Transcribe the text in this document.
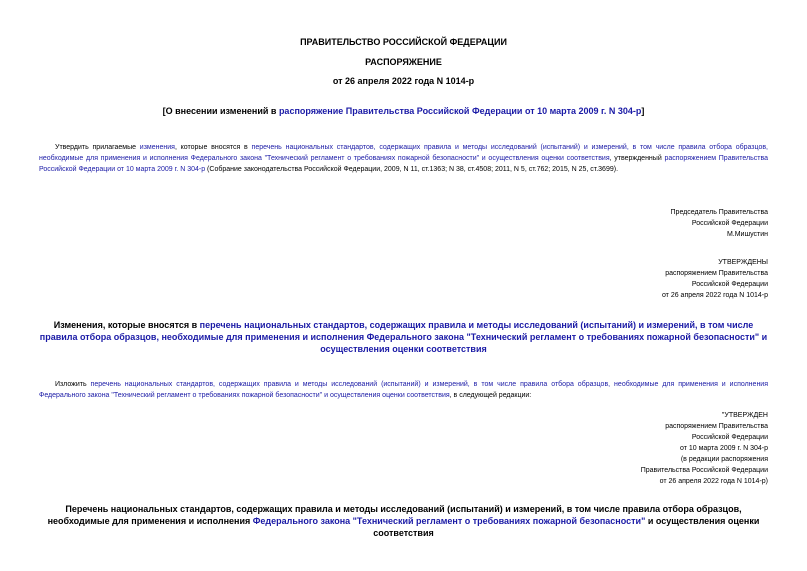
ПРАВИТЕЛЬСТВО РОССИЙСКОЙ ФЕДЕРАЦИИ
РАСПОРЯЖЕНИЕ
от 26 апреля 2022 года N 1014-р
[О внесении изменений в распоряжение Правительства Российской Федерации от 10 марта 2009 г. N 304-р]
Утвердить прилагаемые изменения, которые вносятся в перечень национальных стандартов, содержащих правила и методы исследований (испытаний) и измерений, в том числе правила отбора образцов, необходимые для применения и исполнения Федерального закона "Технический регламент о требованиях пожарной безопасности" и осуществления оценки соответствия, утвержденный распоряжением Правительства Российской Федерации от 10 марта 2009 г. N 304-р (Собрание законодательства Российской Федерации, 2009, N 11, ст.1363; N 38, ст.4508; 2011, N 5, ст.762; 2015, N 25, ст.3699).
Председатель Правительства
Российской Федерации
М.Мишустин
УТВЕРЖДЕНЫ
распоряжением Правительства
Российской Федерации
от 26 апреля 2022 года N 1014-р
Изменения, которые вносятся в перечень национальных стандартов, содержащих правила и методы исследований (испытаний) и измерений, в том числе правила отбора образцов, необходимые для применения и исполнения Федерального закона "Технический регламент о требованиях пожарной безопасности" и осуществления оценки соответствия
Изложить перечень национальных стандартов, содержащих правила и методы исследований (испытаний) и измерений, в том числе правила отбора образцов, необходимые для применения и исполнения Федерального закона "Технический регламент о требованиях пожарной безопасности" и осуществления оценки соответствия, в следующей редакции:
"УТВЕРЖДЕН
распоряжением Правительства
Российской Федерации
от 10 марта 2009 г. N 304-р
(в редакции распоряжения
Правительства Российской Федерации
от 26 апреля 2022 года N 1014-р)
Перечень национальных стандартов, содержащих правила и методы исследований (испытаний) и измерений, в том числе правила отбора образцов, необходимые для применения и исполнения Федерального закона "Технический регламент о требованиях пожарной безопасности" и осуществления оценки соответствия
